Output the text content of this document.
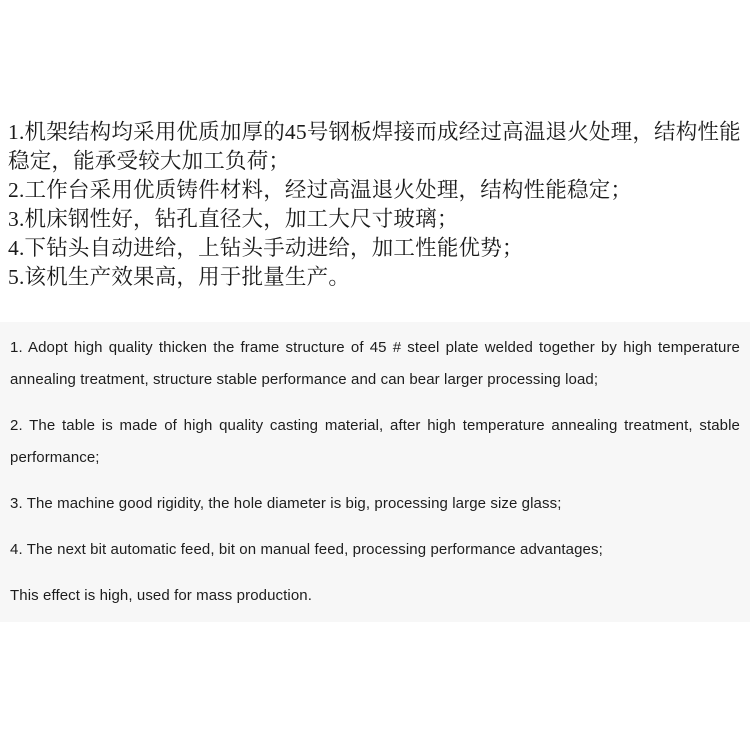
1.机架结构均采用优质加厚的45号钢板焊接而成经过高温退火处理，结构性能稳定，能承受较大加工负荷；
2.工作台采用优质铸件材料，经过高温退火处理，结构性能稳定；
3.机床钢性好，钻孔直径大，加工大尺寸玻璃；
4.下钻头自动进给，上钻头手动进给，加工性能优势；
5.该机生产效果高，用于批量生产。

1. Adopt high quality thicken the frame structure of 45 # steel plate welded together by high temperature annealing treatment, structure stable performance and can bear larger processing load;

2. The table is made of high quality casting material, after high temperature annealing treatment, stable performance;

3. The machine good rigidity, the hole diameter is big, processing large size glass;

4. The next bit automatic feed, bit on manual feed, processing performance advantages;

This effect is high, used for mass production.
